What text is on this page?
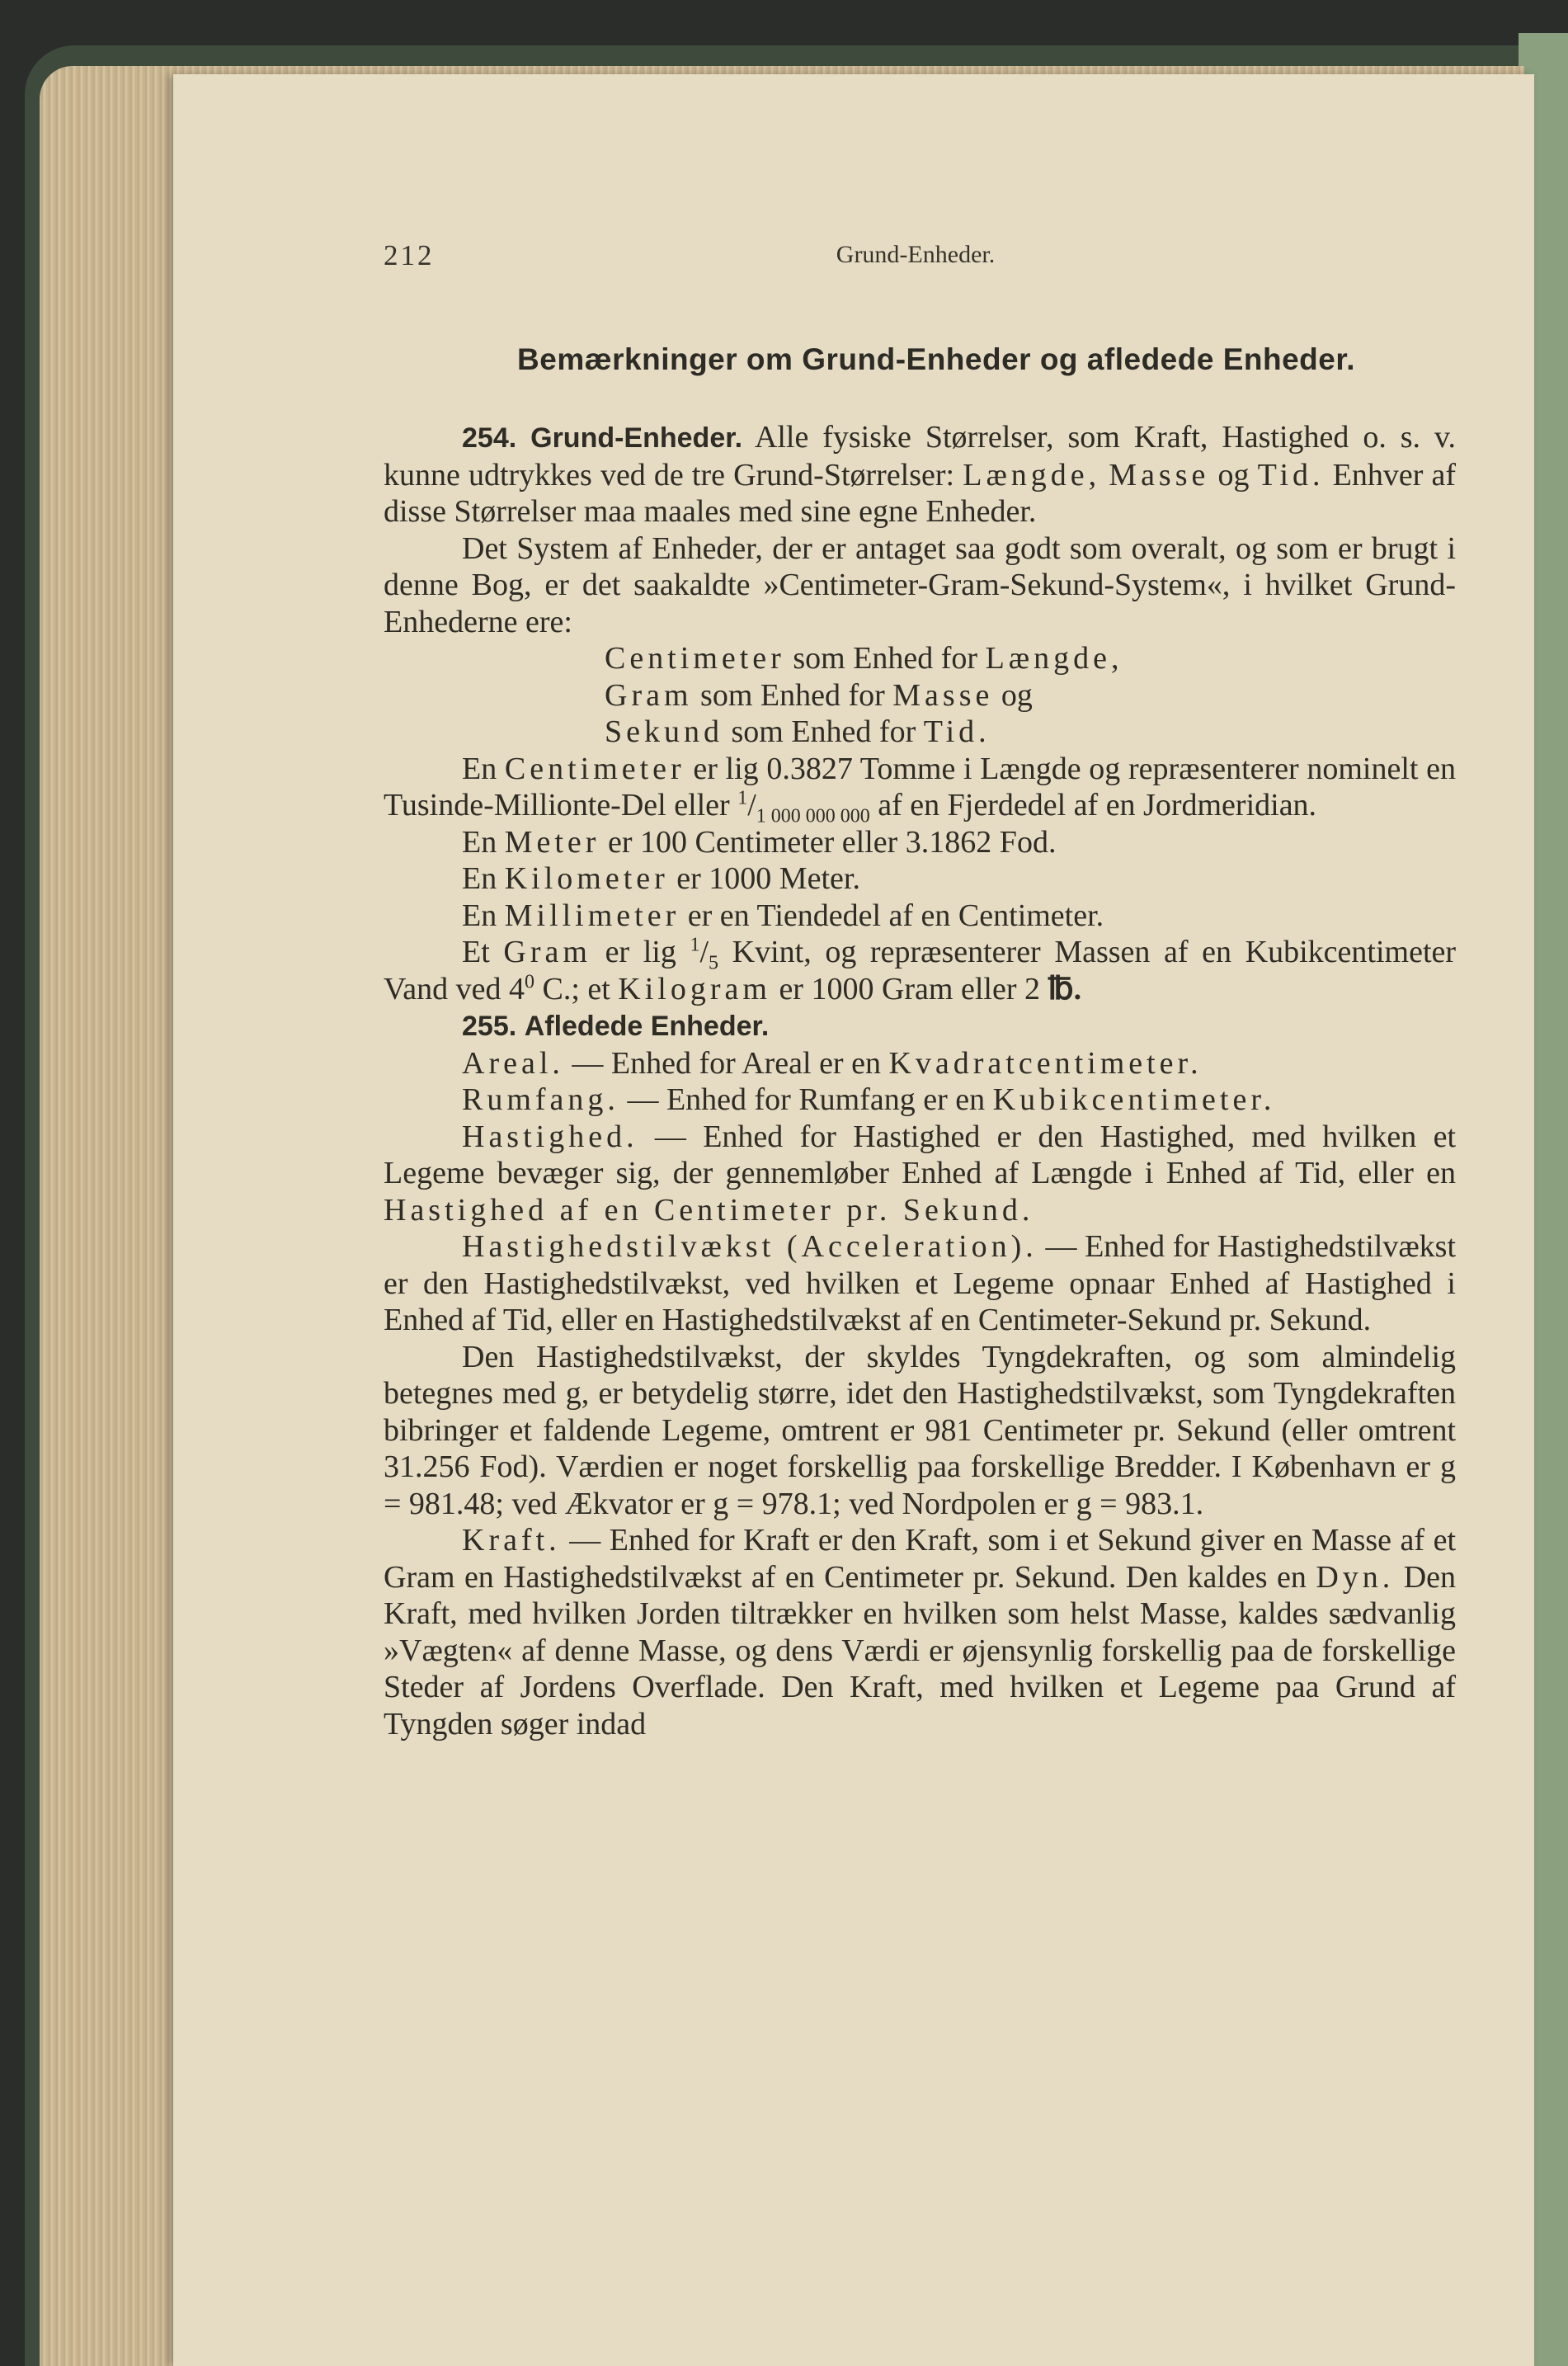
212	Grund-Enheder.
Bemærkninger om Grund-Enheder og afledede Enheder.

254. Grund-Enheder. Alle fysiske Størrelser, som Kraft, Hastighed o. s. v. kunne udtrykkes ved de tre Grund-Størrelser: Længde, Masse og Tid. Enhver af disse Størrelser maa maales med sine egne Enheder.

Det System af Enheder, der er antaget saa godt som overalt, og som er brugt i denne Bog, er det saakaldte »Centimeter-Gram-Sekund-System«, i hvilket Grund-Enhederne ere:

Centimeter som Enhed for Længde,

Gram som Enhed for Masse og

Sekund som Enhed for Tid.

En Centimeter er lig 0.3827 Tomme i Længde og repræsenterer nominelt en Tusinde-Millionte-Del eller $^1/_{1 000 000 000}$ af en Fjerdedel af en Jordmeridian.

En Meter er 100 Centimeter eller 3.1862 Fod.

En Kilometer er 1000 Meter.

En Millimeter er en Tiendedel af en Centimeter.

Et Gram er lig $^1/_5$ Kvint, og repræsenterer Massen af en Kubikcentimeter Vand ved $4^0$ C.; et Kilogram er 1000 Gram eller 2 ℔.

255. Afledede Enheder.

Areal. — Enhed for Areal er en Kvadratcentimeter.

Rumfang. — Enhed for Rumfang er en Kubikcentimeter.

Hastighed. — Enhed for Hastighed er den Hastighed, med hvilken et Legeme bevæger sig, der gennemløber Enhed af Længde i Enhed af Tid, eller en Hastighed af en Centimeter pr. Sekund.

Hastighedstilvækst (Acceleration). — Enhed for Hastighedstilvækst er den Hastighedstilvækst, ved hvilken et Legeme opnaar Enhed af Hastighed i Enhed af Tid, eller en Hastighedstilvækst af en Centimeter-Sekund pr. Sekund.

Den Hastighedstilvækst, der skyldes Tyngdekraften, og som almindelig betegnes med g, er betydelig større, idet den Hastighedstilvækst, som Tyngdekraften bibringer et faldende Legeme, omtrent er 981 Centimeter pr. Sekund (eller omtrent 31.256 Fod). Værdien er noget forskellig paa forskellige Bredder. I København er g = 981.48; ved Ækvator er g = 978.1; ved Nordpolen er g = 983.1.

Kraft. — Enhed for Kraft er den Kraft, som i et Sekund giver en Masse af et Gram en Hastighedstilvækst af en Centimeter pr. Sekund. Den kaldes en Dyn. Den Kraft, med hvilken Jorden tiltrækker en hvilken som helst Masse, kaldes sædvanlig »Vægten« af denne Masse, og dens Værdi er øjensynlig forskellig paa de forskellige Steder af Jordens Overflade. Den Kraft, med hvilken et Legeme paa Grund af Tyngden søger indad
